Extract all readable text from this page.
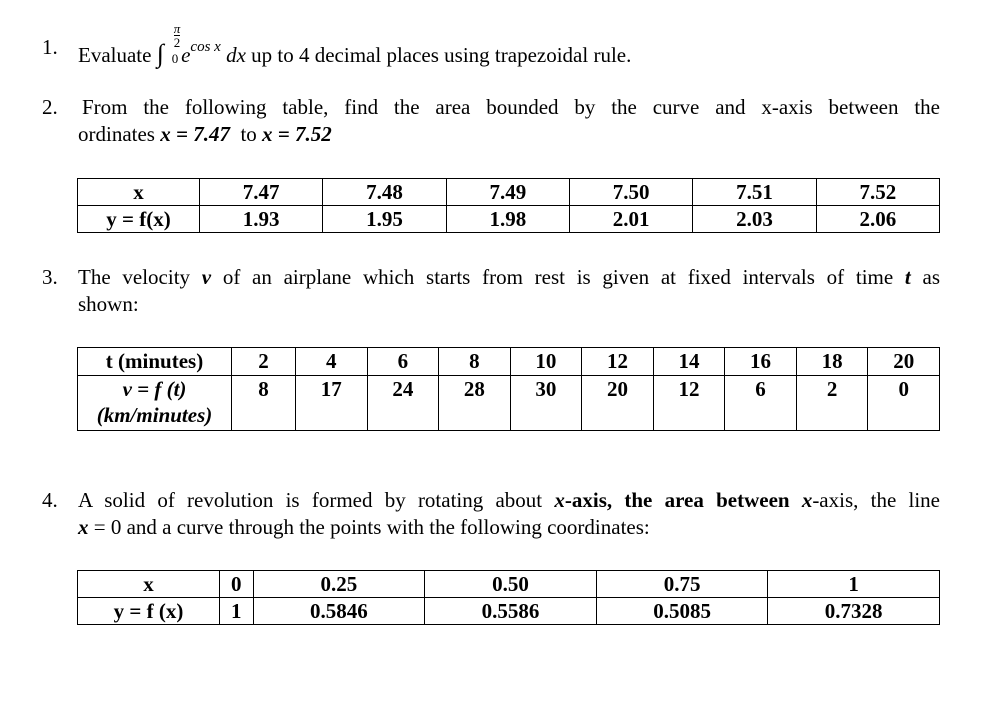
1. Evaluate ∫
π
2
0 $e^{cos x}$ dx up to 4 decimal places using trapezoidal rule.
2. From the following table, find the area bounded by the curve and x-axis between the
ordinates x = 7.47 to x = 7.52
x	7.47	7.48	7.49	7.50	7.51	7.52
y = f(x)	1.93	1.95	1.98	2.01	2.03	2.06
3. The velocity v of an airplane which starts from rest is given at fixed intervals of time t as
shown:
t (minutes)	2	4	6	8	10	12	14	16	18	20

v = f (t)
(km/minutes)	8	17	24	28	30	20	12	6	2	0
4. A solid of revolution is formed by rotating about x-axis, the area between x-axis, the line
x = 0 and a curve through the points with the following coordinates:
x	0	0.25	0.50	0.75	1
y = f (x)	1	0.5846	0.5586	0.5085	0.7328
